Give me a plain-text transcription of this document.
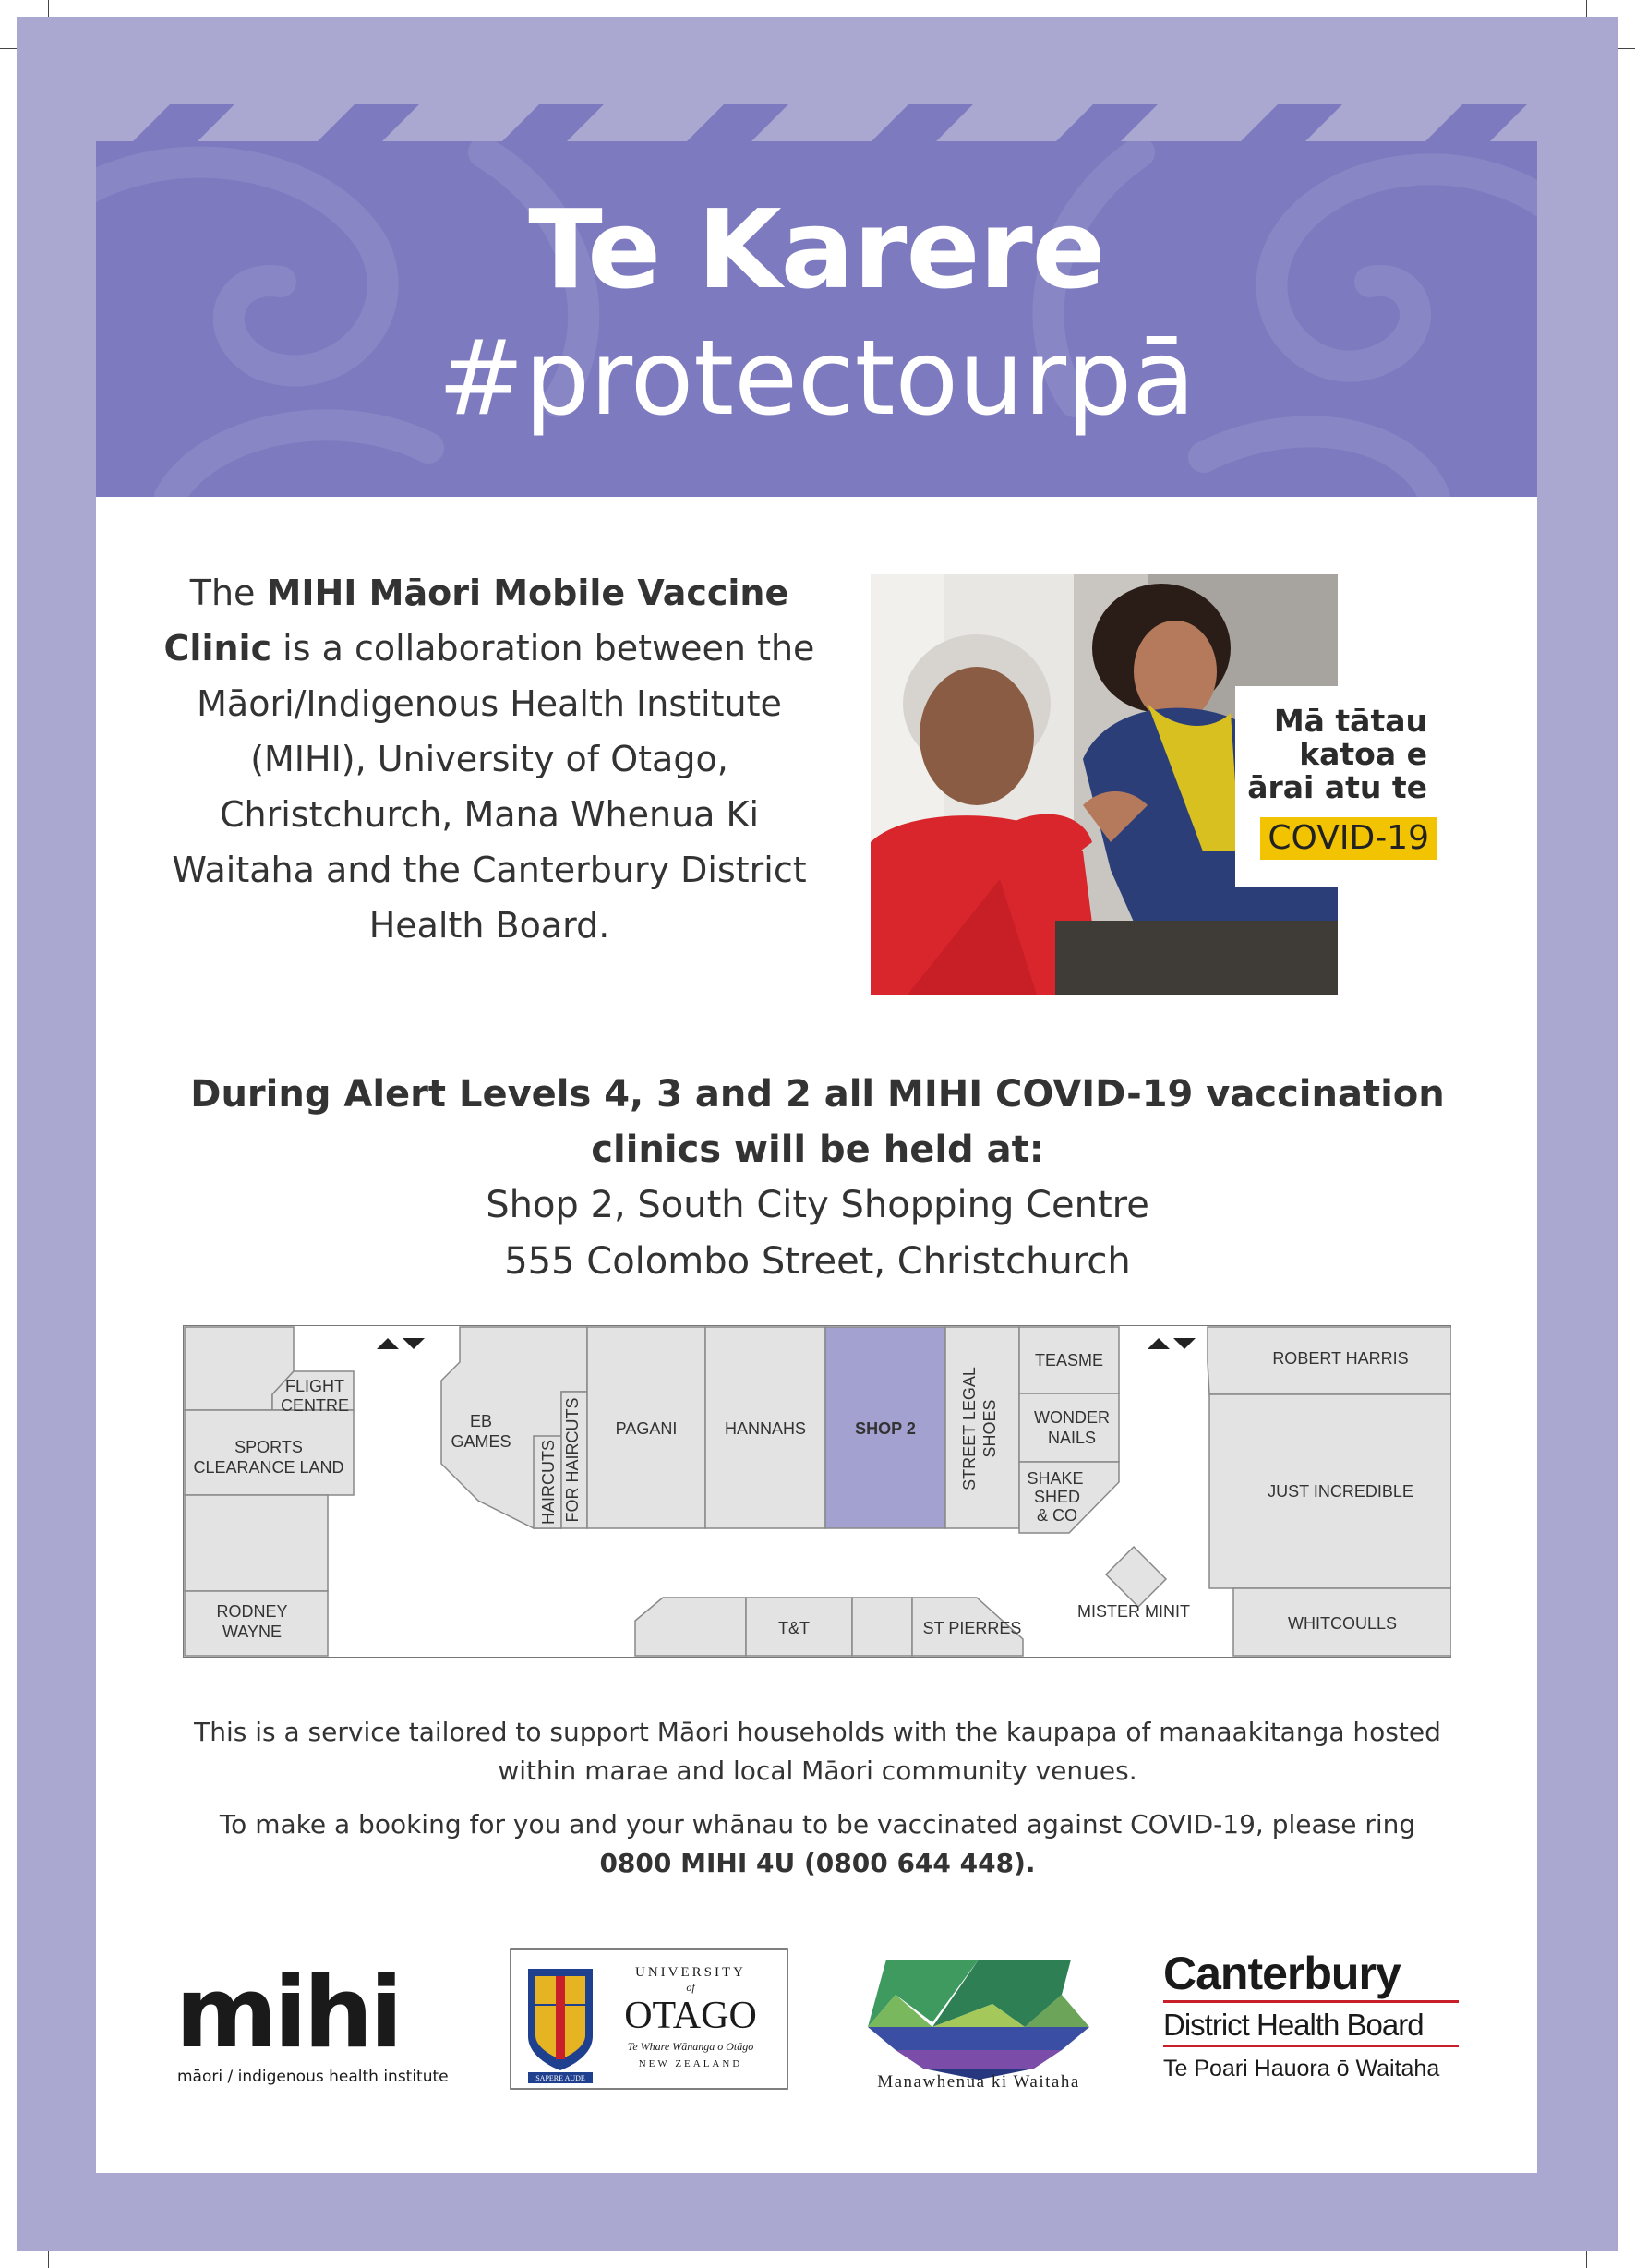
Te Karere
#protectourpā
The MIHI Māori Mobile Vaccine Clinic is a collaboration between the Māori/Indigenous Health Institute (MIHI), University of Otago, Christchurch, Mana Whenua Ki Waitaha and the Canterbury District Health Board.
Mā tātau
katoa e
ārai atu te
COVID-19
During Alert Levels 4, 3 and 2 all MIHI COVID-19 vaccination clinics will be held at:
Shop 2, South City Shopping Centre
555 Colombo Street, Christchurch
FLIGHT
CENTRE
SPORTS
CLEARANCE LAND
RODNEY
WAYNE
EB
GAMES HAIRCUTS FOR HAIRCUTS PAGANI	HANNAHS	SHOP 2	STREET LEGAL SHOES
TEASME
WONDER
NAILS
SHAKE
SHED
& CO
ROBERT HARRIS
JUST INCREDIBLE
WHITCOULLS
MISTER MINIT
T&T	ST PIERRES
This is a service tailored to support Māori households with the kaupapa of manaakitanga hosted within marae and local Māori community venues.
To make a booking for you and your whānau to be vaccinated against COVID-19, please ring
0800 MIHI 4U (0800 644 448).
mihi
māori / indigenous health institute	SAPERE AUDE
UNIVERSITY
of
OTAGO
Te Whare Wānanga o Otāgo
NEW ZEALAND
Manawhenua ki Waitaha
Canterbury
District Health Board
Te Poari Hauora ō Waitaha
